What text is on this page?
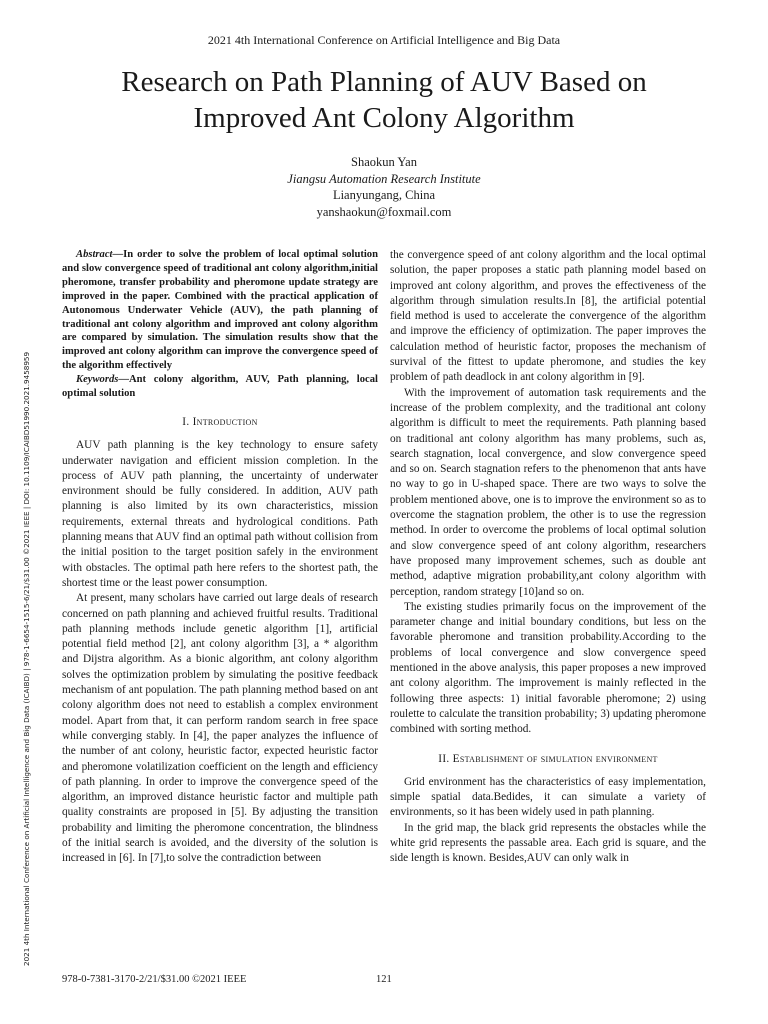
2021 4th International Conference on Artificial Intelligence and Big Data
Research on Path Planning of AUV Based on
Improved Ant Colony Algorithm
Shaokun Yan
Jiangsu Automation Research Institute
Lianyungang, China
yanshaokun@foxmail.com
2021 4th International Conference on Artificial Intelligence and Big Data (ICAIBD) | 978-1-6654-1515-6/21/$31.00 ©2021 IEEE | DOI: 10.1109/ICAIBD51990.2021.9458959

Abstract—In order to solve the problem of local optimal solution and slow convergence speed of traditional ant colony algorithm,initial pheromone, transfer probability and pheromone update strategy are improved in the paper. Combined with the practical application of Autonomous Underwater Vehicle (AUV), the path planning of traditional ant colony algorithm and improved ant colony algorithm are compared by simulation. The simulation results show that the improved ant colony algorithm can improve the convergence speed of the algorithm effectively

Keywords—Ant colony algorithm, AUV, Path planning, local optimal solution

I. Introduction

AUV path planning is the key technology to ensure safety underwater navigation and efficient mission completion. In the process of AUV path planning, the uncertainty of underwater environment should be fully considered. In addition, AUV path planning is also limited by its own characteristics, mission requirements, external threats and hydrological conditions. Path planning means that AUV find an optimal path without collision from the initial position to the target position safely in the environment with obstacles. The optimal path here refers to the shortest path, the shortest time or the least power consumption.

At present, many scholars have carried out large deals of research concerned on path planning and achieved fruitful results. Traditional path planning methods include genetic algorithm [1], artificial potential field method [2], ant colony algorithm [3], a * algorithm and Dijstra algorithm. As a bionic algorithm, ant colony algorithm solves the optimization problem by simulating the positive feedback mechanism of ant population. The path planning method based on ant colony algorithm does not need to establish a complex environment model. Apart from that, it can perform random search in free space while converging stably. In [4], the paper analyzes the influence of the number of ant colony, heuristic factor, expected heuristic factor and pheromone volatilization coefficient on the length and efficiency of path planning. In order to improve the convergence speed of the algorithm, an improved distance heuristic factor and multiple path quality constraints are proposed in [5]. By adjusting the transition probability and limiting the pheromone concentration, the blindness of the initial search is avoided, and the diversity of the solution is increased in [6]. In [7],to solve the contradiction between

the convergence speed of ant colony algorithm and the local optimal solution, the paper proposes a static path planning model based on improved ant colony algorithm, and proves the effectiveness of the algorithm through simulation results.In [8], the artificial potential field method is used to accelerate the convergence of the algorithm and improve the efficiency of optimization. The paper improves the calculation method of heuristic factor, proposes the mechanism of survival of the fittest to update pheromone, and studies the key problem of path deadlock in ant colony algorithm in [9].

With the improvement of automation task requirements and the increase of the problem complexity, and the traditional ant colony algorithm is difficult to meet the requirements. Path planning based on traditional ant colony algorithm has many problems, such as, search stagnation, local convergence, and slow convergence speed and so on. Search stagnation refers to the phenomenon that ants have no way to go in U-shaped space. There are two ways to solve the problem mentioned above, one is to improve the environment so as to overcome the stagnation problem, the other is to use the regression method. In order to overcome the problems of local optimal solution and slow convergence speed of ant colony algorithm, researchers have proposed many improvement schemes, such as double ant method, adaptive migration probability,ant colony algorithm with perception, random strategy [10]and so on.

The existing studies primarily focus on the improvement of the parameter change and initial boundary conditions, but less on the favorable pheromone and transition probability.According to the problems of local convergence and slow convergence speed mentioned in the above analysis, this paper proposes a new improved ant colony algorithm. The improvement is mainly reflected in the following three aspects: 1) initial favorable pheromone; 2) using roulette to calculate the transition probability; 3) updating pheromone combined with sorting method.

II. Establishment of simulation environment

Grid environment has the characteristics of easy implementation, simple spatial data.Bedides, it can simulate a variety of environments, so it has been widely used in path planning.

In the grid map, the black grid represents the obstacles while the white grid represents the passable area. Each grid is square, and the side length is known. Besides,AUV can only walk in

978-0-7381-3170-2/21/$31.00 ©2021 IEEE	121
